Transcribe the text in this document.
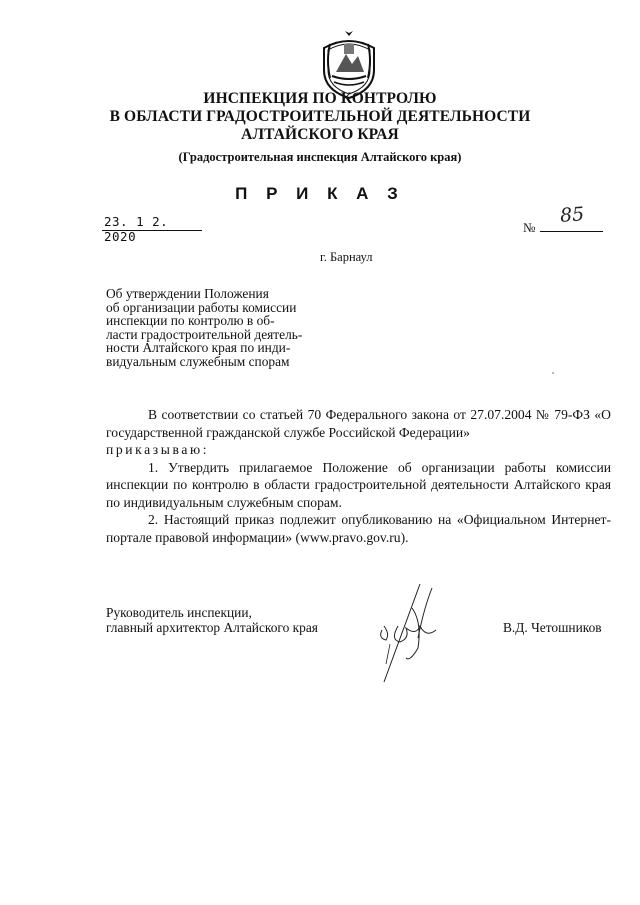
ИНСПЕКЦИЯ ПО КОНТРОЛЮ
В ОБЛАСТИ ГРАДОСТРОИТЕЛЬНОЙ ДЕЯТЕЛЬНОСТИ
АЛТАЙСКОГО КРАЯ
(Градостроительная инспекция Алтайского края)
П Р И К А З
23. 1 2. 2020
№
85
г. Барнаул
Об утверждении Положения
об организации работы комиссии
инспекции по контролю в об-
ласти градостроительной деятель-
ности Алтайского края по инди-
видуальным служебным спорам

В соответствии со статьей 70 Федерального закона от 27.07.2004 № 79-ФЗ «О государственной гражданской службе Российской Федерации»

приказываю:

1. Утвердить прилагаемое Положение об организации работы комиссии инспекции по контролю в области градостроительной деятельности Алтайского края по индивидуальным служебным спорам.

2. Настоящий приказ подлежит опубликованию на «Официальном Интернет-портале правовой информации» (www.pravo.gov.ru).

Руководитель инспекции,
главный архитектор Алтайского края	В.Д. Четошников
